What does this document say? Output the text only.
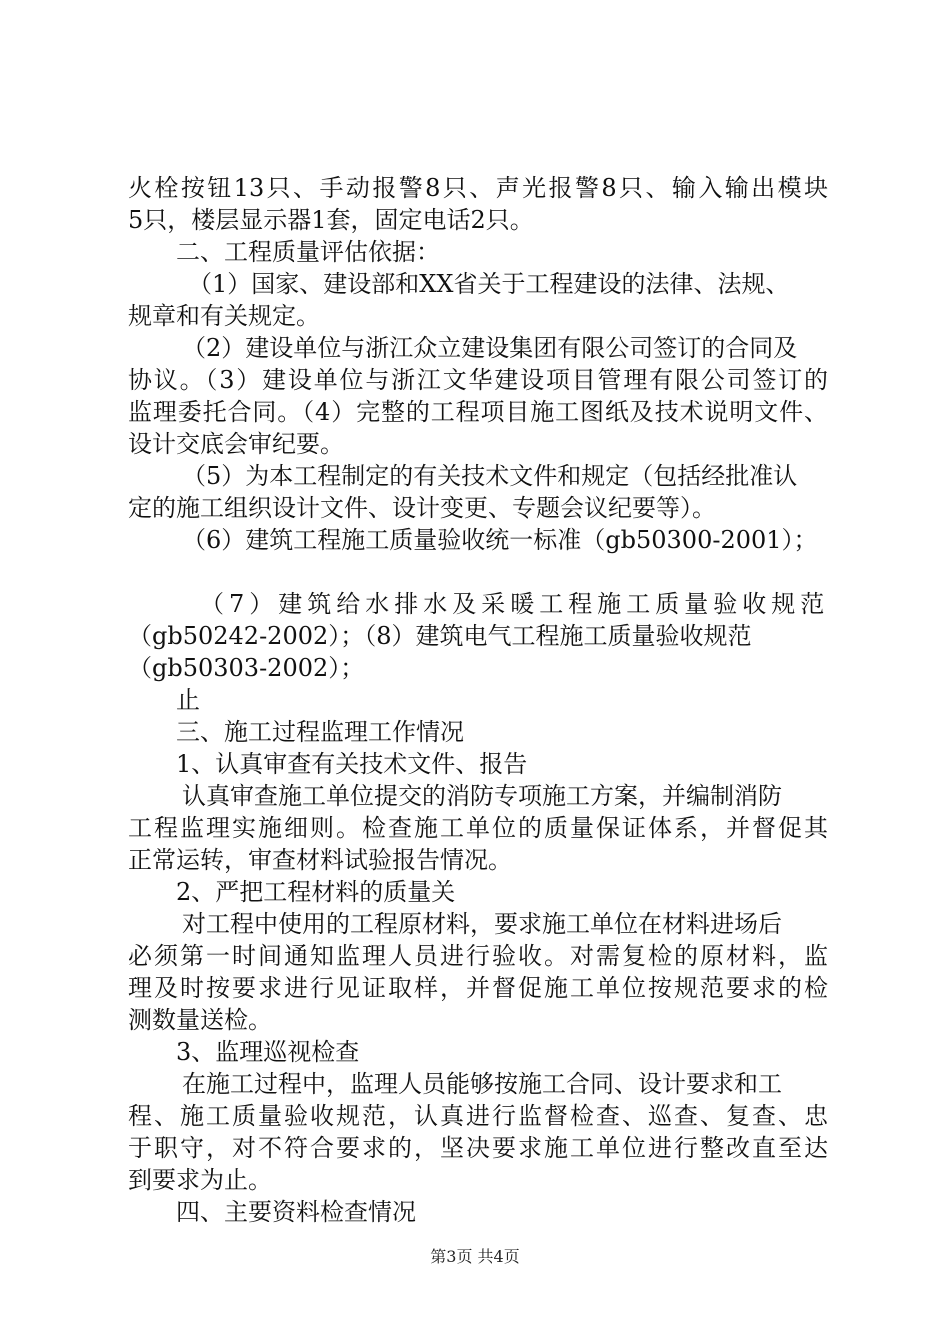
火栓按钮13只、手动报警8只、声光报警8只、输入输出模块
5只，楼层显示器1套，固定电话2只。
二、工程质量评估依据：
（1）国家、建设部和XX省关于工程建设的法律、法规、
规章和有关规定。
（2）建设单位与浙江众立建设集团有限公司签订的合同及
协议。（3）建设单位与浙江文华建设项目管理有限公司签订的
监理委托合同。（4）完整的工程项目施工图纸及技术说明文件、
设计交底会审纪要。
（5）为本工程制定的有关技术文件和规定（包括经批准认
定的施工组织设计文件、设计变更、专题会议纪要等）。
（6）建筑工程施工质量验收统一标准（gb50300-2001）；
（7）建筑给水排水及采暖工程施工质量验收规范
（gb50242-2002）；（8）建筑电气工程施工质量验收规范
（gb50303-2002）；
止
三、施工过程监理工作情况
1、认真审查有关技术文件、报告
认真审查施工单位提交的消防专项施工方案，并编制消防
工程监理实施细则。检查施工单位的质量保证体系，并督促其
正常运转，审查材料试验报告情况。
2、严把工程材料的质量关
对工程中使用的工程原材料，要求施工单位在材料进场后
必须第一时间通知监理人员进行验收。对需复检的原材料，监
理及时按要求进行见证取样，并督促施工单位按规范要求的检
测数量送检。
3、监理巡视检查
在施工过程中，监理人员能够按施工合同、设计要求和工
程、施工质量验收规范，认真进行监督检查、巡查、复查、忠
于职守，对不符合要求的，坚决要求施工单位进行整改直至达
到要求为止。
四、主要资料检查情况
第3页 共4页
